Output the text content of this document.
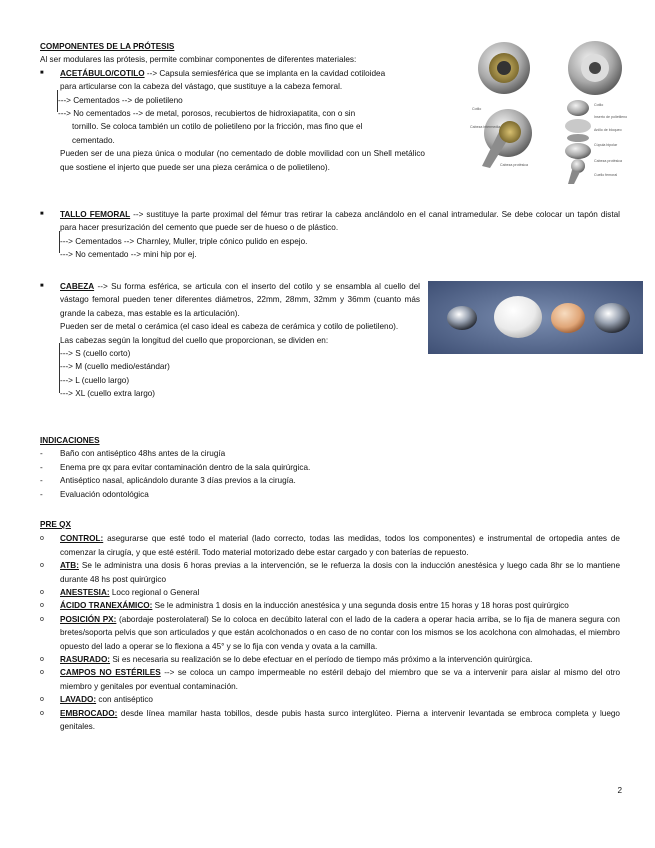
COMPONENTES DE LA PRÓTESIS
Al ser modulares las prótesis, permite combinar componentes de diferentes materiales:
■ ACETÁBULO/COTILO --> Capsula semiesférica que se implanta en la cavidad cotiloidea
para articularse con la cabeza del vástago, que sustituye a la cabeza femoral.
---> Cementados --> de polietileno
---> No cementados --> de metal, porosos, recubiertos de hidroxiapatita, con o sin
tornillo. Se coloca también un cotilo de polietileno por la fricción, mas fino que el
cementado.
Pueden ser de una pieza única o modular (no cementado de doble movilidad con un Shell metálico que sostiene el injerto que puede ser una pieza cerámica o de polietileno).
Cotilo
Cabeza intermedia
Cabeza protésica
Cotilo
Inserto de polietileno
Anillo de bloqueo
Cúpula bipolar
Cabeza protésica
Cuello femoral
■ TALLO FEMORAL --> sustituye la parte proximal del fémur tras retirar la cabeza anclándolo en el canal intramedular. Se debe colocar un tapón distal para hacer presurización del cemento que puede ser de hueso o de plástico.
---> Cementados --> Charnley, Muller, triple cónico pulido en espejo.
---> No cementado --> mini hip por ej.
■ CABEZA --> Su forma esférica, se articula con el inserto del cotilo y se ensambla al cuello del vástago femoral pueden tener diferentes diámetros, 22mm, 28mm, 32mm y 36mm (cuanto más grande la cabeza, mas estable es la articulación).
Pueden ser de metal o cerámica (el caso ideal es cabeza de cerámica y cotilo de polietileno).
Las cabezas según la longitud del cuello que proporcionan, se dividen en:
---> S (cuello corto)
---> M (cuello medio/estándar)
---> L (cuello largo)
---> XL (cuello extra largo)
INDICACIONES
- Baño con antiséptico 48hs antes de la cirugía
- Enema pre qx para evitar contaminación dentro de la sala quirúrgica.
- Antiséptico nasal, aplicándolo durante 3 días previos a la cirugía.
- Evaluación odontológica
PRE QX
o CONTROL: asegurarse que esté todo el material (lado correcto, todas las medidas, todos los componentes) e instrumental de ortopedia antes de comenzar la cirugía, y que esté estéril. Todo material motorizado debe estar cargado y con baterías de repuesto.
o ATB: Se le administra una dosis 6 horas previas a la intervención, se le refuerza la dosis con la inducción anestésica y luego cada 8hr se lo mantiene durante 48 hs post quirúrgico
o ANESTESIA: Loco regional o General
o ÁCIDO TRANEXÁMICO: Se le administra 1 dosis en la inducción anestésica y una segunda dosis entre 15 horas y 18 horas post quirúrgico
o POSICIÓN PX: (abordaje posterolateral) Se lo coloca en decúbito lateral con el lado de la cadera a operar hacia arriba, se lo fija de manera segura con bretes/soporta pelvis que son articulados y que están acolchonados o en caso de no contar con los mismos se los acolchona con almohadas, el miembro opuesto del lado a operar se lo flexiona a 45° y se lo fija con venda y ovata a la camilla.
o RASURADO: Si es necesaria su realización se lo debe efectuar en el período de tiempo más próximo a la intervención quirúrgica.
o CAMPOS NO ESTÉRILES --> se coloca un campo impermeable no estéril debajo del miembro que se va a intervenir para aislar al mismo del otro miembro y genitales por eventual contaminación.
o LAVADO: con antiséptico
o EMBROCADO: desde línea mamilar hasta tobillos, desde pubis hasta surco interglúteo. Pierna a intervenir levantada se embroca completa y luego genitales.
2
